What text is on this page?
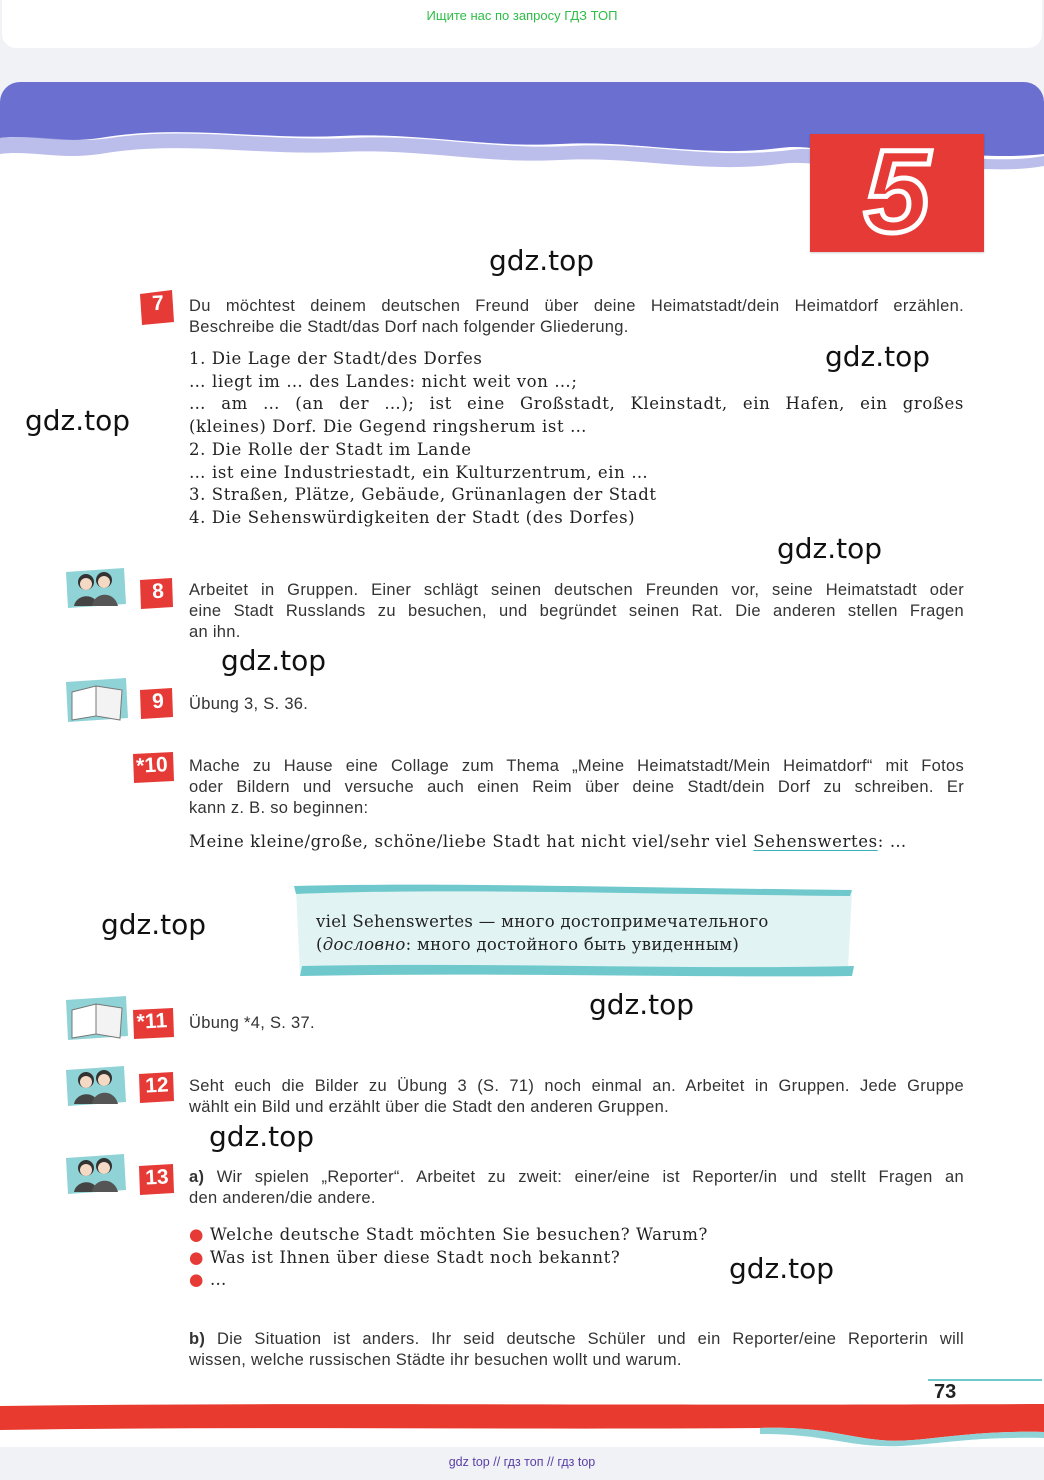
Ищите нас по запросу ГДЗ ТОП
5
7	Du möchtest deinem deutschen Freund über deine Heimatstadt/dein Heimatdorf erzählen.
Beschreibe die Stadt/das Dorf nach folgender Gliederung.
1. Die Lage der Stadt/des Dorfes
… liegt im … des Landes: nicht weit von …;
… am … (an der …); ist eine Großstadt, Kleinstadt, ein Hafen, ein großes
(kleines) Dorf. Die Gegend ringsherum ist …
2. Die Rolle der Stadt im Lande
… ist eine Industriestadt, ein Kulturzentrum, ein …
3. Straßen, Plätze, Gebäude, Grünanlagen der Stadt
4. Die Sehenswürdigkeiten der Stadt (des Dorfes)
8	Arbeitet in Gruppen. Einer schlägt seinen deutschen Freunden vor, seine Heimatstadt oder
eine Stadt Russlands zu besuchen, und begründet seinen Rat. Die anderen stellen Fragen
an ihn.
9	Übung 3, S. 36.
*10 Mache zu Hause eine Collage zum Thema „Meine Heimatstadt/Mein Heimatdorf“ mit Fotos
oder Bildern und versuche auch einen Reim über deine Stadt/dein Dorf zu schreiben. Er
kann z. B. so beginnen:
Meine kleine/große, schöne/liebe Stadt hat nicht viel/sehr viel Sehenswertes: …
viel Sehenswertes — много достопримечательного
(дословно: много достойного быть увиденным)
*11	Übung *4, S. 37.
12	Seht euch die Bilder zu Übung 3 (S. 71) noch einmal an. Arbeitet in Gruppen. Jede Gruppe
wählt ein Bild und erzählt über die Stadt den anderen Gruppen.
13	a) Wir spielen „Reporter“. Arbeitet zu zweit: einer/eine ist Reporter/in und stellt Fragen an
den anderen/die andere.
● Welche deutsche Stadt möchten Sie besuchen? Warum?
● Was ist Ihnen über diese Stadt noch bekannt?
● …
b) Die Situation ist anders. Ihr seid deutsche Schüler und ein Reporter/eine Reporterin will
wissen, welche russischen Städte ihr besuchen wollt und warum.
gdz.top
gdz.top
gdz.top
gdz.top
gdz.top
gdz.top
gdz.top
gdz.top
gdz.top
73
gdz top // гдз топ // гдз top
